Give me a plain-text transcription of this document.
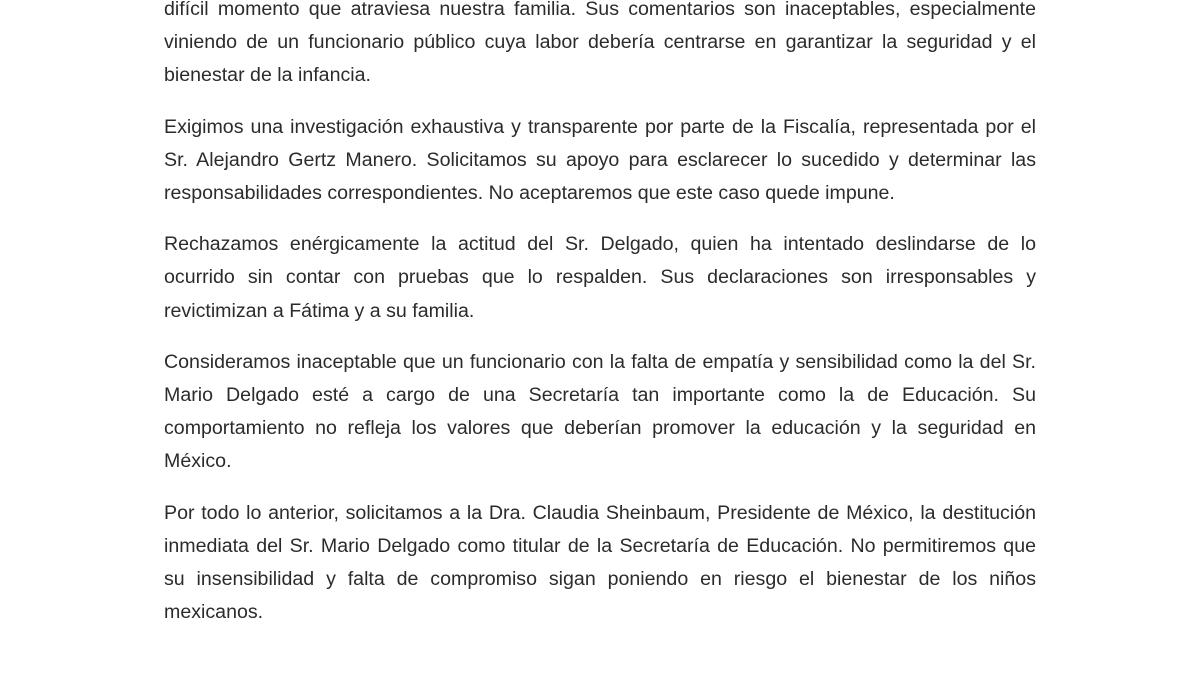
difícil momento que atraviesa nuestra familia. Sus comentarios son inaceptables, especialmente viniendo de un funcionario público cuya labor debería centrarse en garantizar la seguridad y el bienestar de la infancia.

Exigimos una investigación exhaustiva y transparente por parte de la Fiscalía, representada por el Sr. Alejandro Gertz Manero. Solicitamos su apoyo para esclarecer lo sucedido y determinar las responsabilidades correspondientes. No aceptaremos que este caso quede impune.

Rechazamos enérgicamente la actitud del Sr. Delgado, quien ha intentado deslindarse de lo ocurrido sin contar con pruebas que lo respalden. Sus declaraciones son irresponsables y revictimizan a Fátima y a su familia.

Consideramos inaceptable que un funcionario con la falta de empatía y sensibilidad como la del Sr. Mario Delgado esté a cargo de una Secretaría tan importante como la de Educación. Su comportamiento no refleja los valores que deberían promover la educación y la seguridad en México.

Por todo lo anterior, solicitamos a la Dra. Claudia Sheinbaum, Presidente de México, la destitución inmediata del Sr. Mario Delgado como titular de la Secretaría de Educación. No permitiremos que su insensibilidad y falta de compromiso sigan poniendo en riesgo el bienestar de los niños mexicanos.
